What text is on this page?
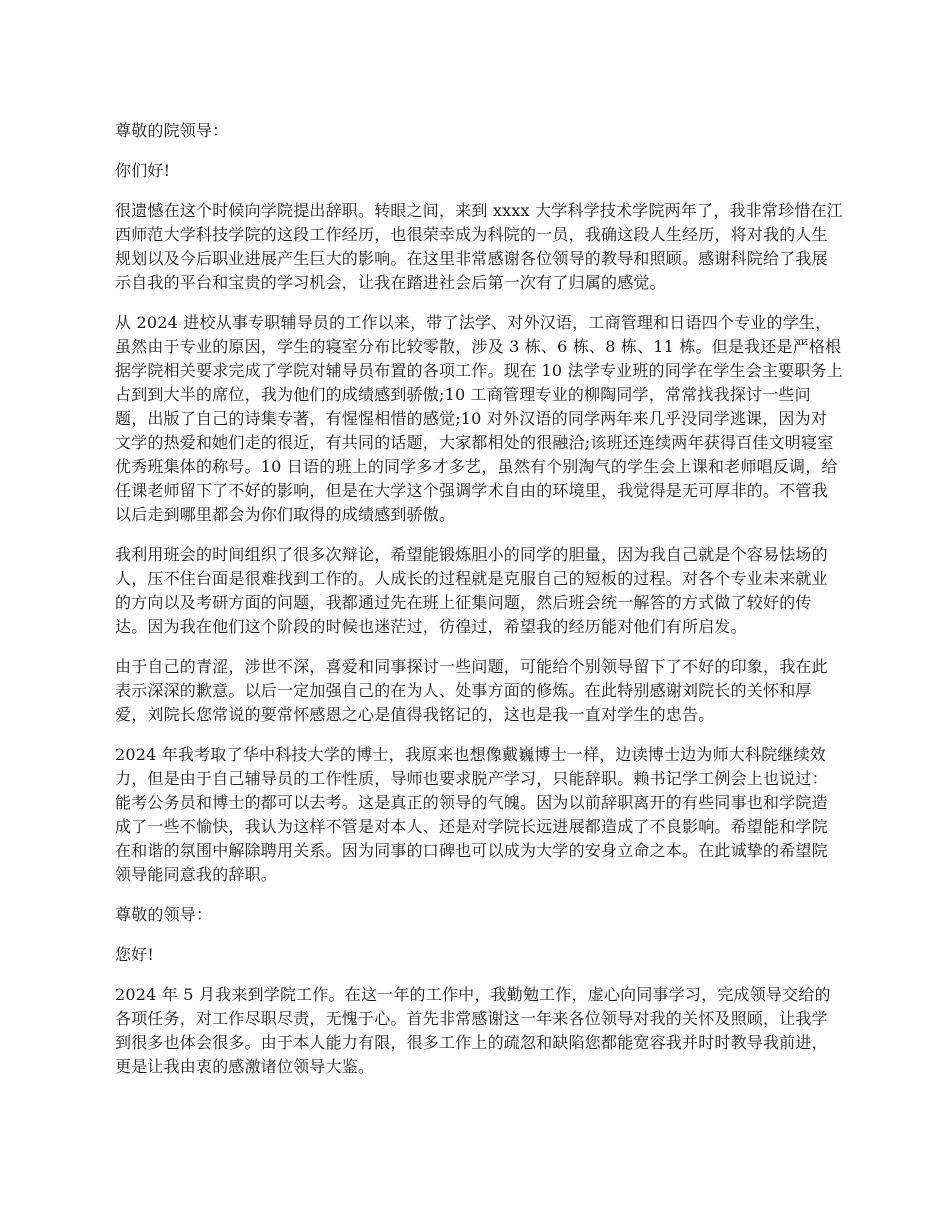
尊敬的院领导：

你们好!

很遗憾在这个时候向学院提出辞职。转眼之间，来到 xxxx 大学科学技术学院两年了，我非常珍惜在江西师范大学科技学院的这段工作经历，也很荣幸成为科院的一员，我确这段人生经历，将对我的人生规划以及今后职业进展产生巨大的影响。在这里非常感谢各位领导的教导和照顾。感谢科院给了我展示自我的平台和宝贵的学习机会，让我在踏进社会后第一次有了归属的感觉。

从 2024 进校从事专职辅导员的工作以来，带了法学、对外汉语，工商管理和日语四个专业的学生，虽然由于专业的原因，学生的寝室分布比较零散，涉及 3 栋、6 栋、8 栋、11 栋。但是我还是严格根据学院相关要求完成了学院对辅导员布置的各项工作。现在 10 法学专业班的同学在学生会主要职务上占到到大半的席位，我为他们的成绩感到骄傲;10 工商管理专业的柳陶同学，常常找我探讨一些问题，出版了自己的诗集专著，有惺惺相惜的感觉;10 对外汉语的同学两年来几乎没同学逃课，因为对文学的热爱和她们走的很近，有共同的话题，大家都相处的很融洽;该班还连续两年获得百佳文明寝室优秀班集体的称号。10 日语的班上的同学多才多艺，虽然有个别淘气的学生会上课和老师唱反调，给任课老师留下了不好的影响，但是在大学这个强调学术自由的环境里，我觉得是无可厚非的。不管我以后走到哪里都会为你们取得的成绩感到骄傲。

我利用班会的时间组织了很多次辩论，希望能锻炼胆小的同学的胆量，因为我自己就是个容易怯场的人，压不住台面是很难找到工作的。人成长的过程就是克服自己的短板的过程。对各个专业未来就业的方向以及考研方面的问题，我都通过先在班上征集问题，然后班会统一解答的方式做了较好的传达。因为我在他们这个阶段的时候也迷茫过，彷徨过，希望我的经历能对他们有所启发。

由于自己的青涩，涉世不深，喜爱和同事探讨一些问题，可能给个别领导留下了不好的印象，我在此表示深深的歉意。以后一定加强自己的在为人、处事方面的修炼。在此特别感谢刘院长的关怀和厚爱，刘院长您常说的要常怀感恩之心是值得我铭记的，这也是我一直对学生的忠告。

2024 年我考取了华中科技大学的博士，我原来也想像戴巍博士一样，边读博士边为师大科院继续效力，但是由于自己辅导员的工作性质，导师也要求脱产学习，只能辞职。赖书记学工例会上也说过：能考公务员和博士的都可以去考。这是真正的领导的气魄。因为以前辞职离开的有些同事也和学院造成了一些不愉快，我认为这样不管是对本人、还是对学院长远进展都造成了不良影响。希望能和学院在和谐的氛围中解除聘用关系。因为同事的口碑也可以成为大学的安身立命之本。在此诚挚的希望院领导能同意我的辞职。

尊敬的领导：

您好!

2024 年 5 月我来到学院工作。在这一年的工作中，我勤勉工作，虚心向同事学习，完成领导交给的各项任务，对工作尽职尽责，无愧于心。首先非常感谢这一年来各位领导对我的关怀及照顾，让我学到很多也体会很多。由于本人能力有限，很多工作上的疏忽和缺陷您都能宽容我并时时教导我前进，更是让我由衷的感激诸位领导大鉴。
